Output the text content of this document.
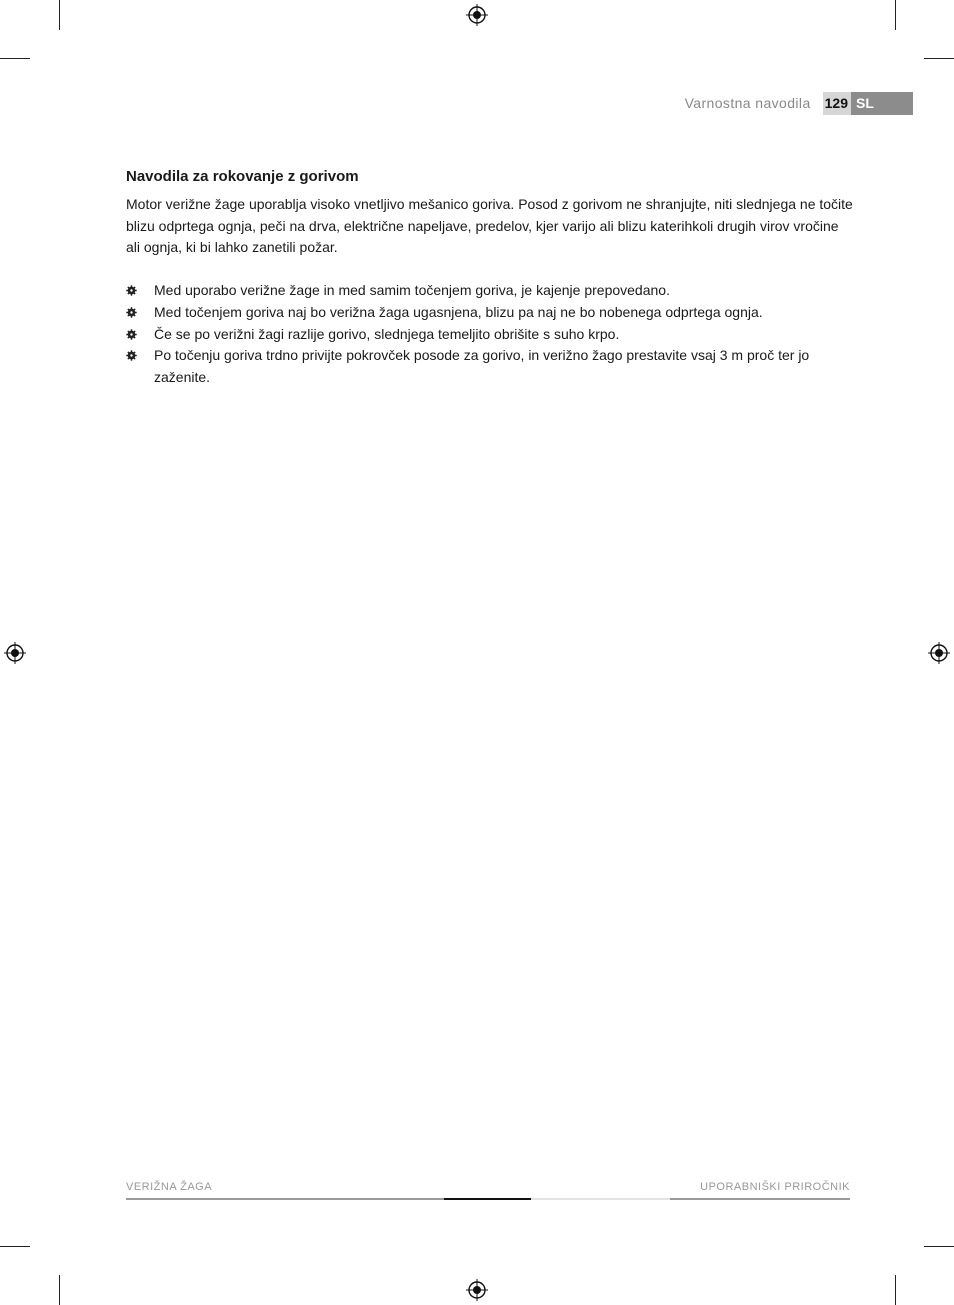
Varnostna navodila 129 SL
Navodila za rokovanje z gorivom

Motor verižne žage uporablja visoko vnetljivo mešanico goriva. Posod z gorivom ne shranjujte, niti slednjega ne točite blizu odprtega ognja, peči na drva, električne napeljave, predelov, kjer varijo ali blizu katerihkoli drugih virov vročine ali ognja, ki bi lahko zanetili požar.

Med uporabo verižne žage in med samim točenjem goriva, je kajenje prepovedano.
Med točenjem goriva naj bo verižna žaga ugasnjena, blizu pa naj ne bo nobenega odprtega ognja.
Če se po verižni žagi razlije gorivo, slednjega temeljito obrišite s suho krpo.
Po točenju goriva trdno privijte pokrovček posode za gorivo, in verižno žago prestavite vsaj 3 m proč ter jo zaženite.
VERIŽNA ŽAGA	UPORABNIŠKI PRIROČNIK
